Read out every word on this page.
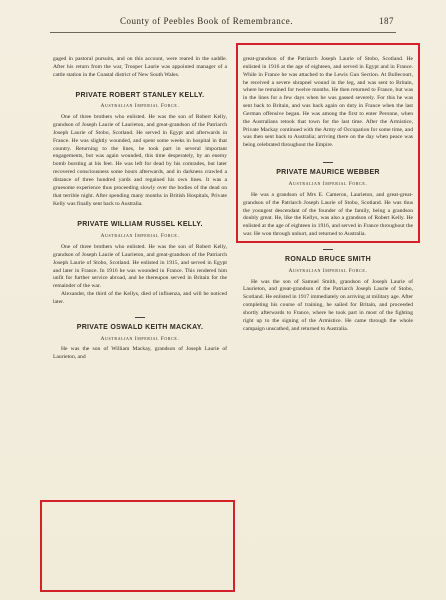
County of Peebles Book of Remembrance.	187

gaged in pastoral pursuits, and on this account, were reared in the saddle. After his return from the war, Trooper Laurie was appointed manager of a cattle station in the Coastal district of New South Wales.

PRIVATE ROBERT STANLEY KELLY.
Australian Imperial Force.

One of three brothers who enlisted. He was the son of Robert Kelly, grandson of Joseph Laurie of Laurieton, and great-grandson of the Patriarch Joseph Laurie of Stobo, Scotland. He served in Egypt and afterwards in France. He was slightly wounded, and spent some weeks in hospital in that country. Returning to the lines, he took part in several important engagements, but was again wounded, this time desperately, by an enemy bomb bursting at his feet. He was left for dead by his comrades, but later recovered consciousness some hours afterwards, and in darkness crawled a distance of three hundred yards and regained his own lines. It was a gruesome experience thus proceeding slowly over the bodies of the dead on that terrible night. After spending many months in British Hospitals, Private Kelly was finally sent back to Australia.

PRIVATE WILLIAM RUSSEL KELLY.
Australian Imperial Force.

One of three brothers who enlisted. He was the son of Robert Kelly, grandson of Joseph Laurie of Laurieton, and great-grandson of the Patriarch Joseph Laurie of Stobo, Scotland. He enlisted in 1915, and served in Egypt and later in France. In 1916 he was wounded in France. This rendered him unfit for further service abroad, and he thereupon served in Britain for the remainder of the war.

Alexander, the third of the Kellys, died of influenza, and will be noticed later.

PRIVATE OSWALD KEITH MACKAY.
Australian Imperial Force.

He was the son of William Mackay, grandson of Joseph Laurie of Laurieton, and

great-grandson of the Patriarch Joseph Laurie of Stobo, Scotland. He enlisted in 1916 at the age of eighteen, and served in Egypt and in France. While in France he was attached to the Lewis Gun Section. At Bullecourt, he received a severe shrapnel wound in the leg, and was sent to Britain, where he remained for twelve months. He then returned to France, but was in the lines for a few days when he was gassed severely. For this he was sent back to Britain, and was back again on duty in France when the last German offensive began. He was among the first to enter Peronne, when the Australians retook that town for the last time. After the Armistice, Private Mackay continued with the Army of Occupation for some time, and was then sent back to Australia; arriving there on the day when peace was being celebrated throughout the Empire.

PRIVATE MAURICE WEBBER
Australian Imperial Force.

He was a grandson of Mrs E. Cameron, Laurieton, and great-great-grandson of the Patriarch Joseph Laurie of Stobo, Scotland. He was thus the youngest descendant of the founder of the family, being a grandson doubly great. He, like the Kellys, was also a grandson of Robert Kelly. He enlisted at the age of eighteen in 1916, and served in France throughout the war. He won through unhurt, and returned to Australia.

RONALD BRUCE SMITH
Australian Imperial Force.

He was the son of Samuel Smith, grandson of Joseph Laurie of Laurieton, and great-grandson of the Patriarch Joseph Laurie of Stobo, Scotland. He enlisted in 1917 immediately on arriving at military age. After completing his course of training, he sailed for Britain, and proceeded shortly afterwards to France, where he took part in most of the fighting right up to the signing of the Armistice. He came through the whole campaign unscathed, and returned to Australia.
